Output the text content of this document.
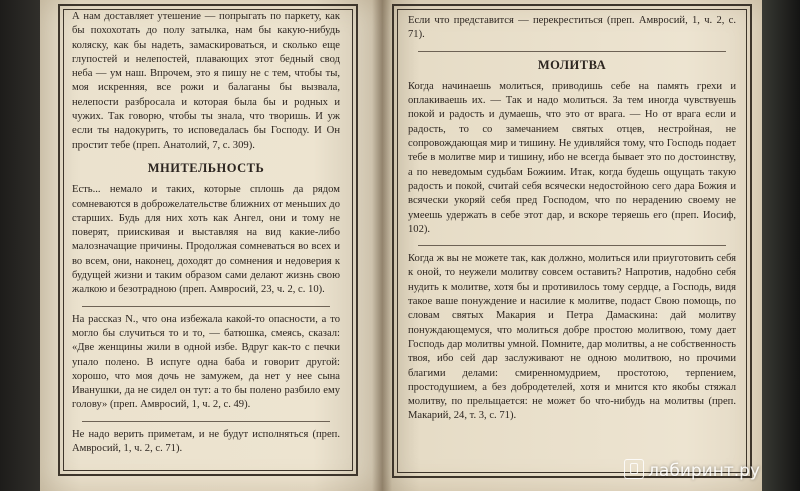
А нам доставляет утешение — попрыгать по паркету, как бы похохотать до полу затылка, нам бы какую-нибудь коляску, как бы надеть, замаскироваться, и сколько еще глупостей и нелепостей, плавающих этот бедный свод неба — ум наш. Впрочем, это я пишу не с тем, чтобы ты, моя искренняя, все рожи и балаганы бы вызвала, нелепости разбросала и которая была бы и родных и чужих. Так говорю, чтобы ты знала, что творишь. И уж если ты надокурить, то исповедалась бы Господу. И Он простит тебе (преп. Анатолий, 7, с. 309).

МНИТЕЛЬНОСТЬ

Есть... немало и таких, которые сплошь да рядом сомневаются в доброжелательстве ближних от меньших до старших. Будь для них хоть как Ангел, они и тому не поверят, приискивая и выставляя на вид какие-либо малозначащие причины. Продолжая сомневаться во всех и во всем, они, наконец, доходят до сомнения и недоверия к будущей жизни и таким образом сами делают жизнь свою жалкою и безотрадною (преп. Амвросий, 23, ч. 2, с. 10).

На рассказ N., что она избежала какой-то опасности, а то могло бы случиться то и то, — батюшка, смеясь, сказал: «Две женщины жили в одной избе. Вдруг как-то с печки упало полено. В испуге одна баба и говорит другой: хорошо, что моя дочь не замужем, да нет у нее сына Иванушки, да не сидел он тут: а то бы полено разбило ему голову» (преп. Амвросий, 1, ч. 2, с. 49).

Не надо верить приметам, и не будут исполняться (преп. Амвросий, 1, ч. 2, с. 71).

Если что представится — перекреститься (преп. Амвросий, 1, ч. 2, с. 71).

МОЛИТВА

Когда начинаешь молиться, приводишь себе на память грехи и оплакиваешь их. — Так и надо молиться. За тем иногда чувствуешь покой и радость и думаешь, что это от врага. — Но от врага если и радость, то со замечанием святых отцев, нестройная, не сопровождающая мир и тишину. Не удивляйся тому, что Господь подает тебе в молитве мир и тишину, ибо не всегда бывает это по достоинству, а по неведомым судьбам Божиим. Итак, когда будешь ощущать такую радость и покой, считай себя всячески недостойною сего дара Божия и всячески укоряй себя пред Господом, что по нерадению своему не умеешь удержать в себе этот дар, и вскоре теряешь его (преп. Иосиф, 102).

Когда ж вы не можете так, как должно, молиться или приуготовить себя к оной, то неужели молитву совсем оставить? Напротив, надобно себя нудить к молитве, хотя бы и противилось тому сердце, а Господь, видя такое ваше понуждение и насилие к молитве, подаст Свою помощь, по словам святых Макария и Петра Дамаскина: дай молитву понуждающемуся, что молиться добре простою молитвою, тому дает Господь дар молитвы умной. Помните, дар молитвы, а не собственность твоя, ибо сей дар заслуживают не одною молитвою, но прочими благими делами: смиренномудрием, простотою, терпением, простодушием, а без добродетелей, хотя и мнится кто якобы стяжал молитву, по прельщается: не может бо что-нибудь на молитвы (преп. Макарий, 24, т. 3, с. 71).

лабиринт.ру
